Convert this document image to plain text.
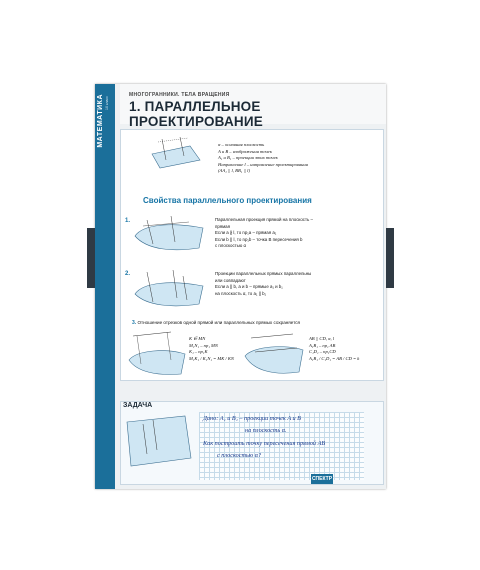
МАТЕМАТИКА 10 класс
МНОГОГРАННИКИ. ТЕЛА ВРАЩЕНИЯ
1. ПАРАЛЛЕЛЬНОЕ ПРОЕКТИРОВАНИЕ
α – основная плоскость
A и B – изображения точек
A₁ и B₁ – проекции этих точек
Направление l – направление проектирования
(AA₁ || l, BB₁ || l)
Свойства параллельного проектирования
1.	Параллельная проекция прямой на плоскость –
прямая
Если a ∦ l, то np₁a – прямая a₁
Если b || l, то np₁b – точка B пересечения b
с плоскостью α
2.	Проекции параллельных прямых параллельны
или совпадают
Если a || b, a и b – прямые a₁ и b₁
на плоскость α, то a₁ || b₁
3. Отношение отрезков одной прямой или параллельных прямых сохраняется
K ∈ MN
M₁N₁ – np₁ MN
K₁ – np₁K
M₁K₁ / K₁N₁ = MK / KN
AB || CD, α, l
A₁B₁ – np₁ AB
C₁D₁ – np₁CD
A₁B₁ / C₁D₁ = AB / CD = k
ЗАДАЧА
Дано: A₁ и B₁ – проекции точек A и B
на плоскость α.
Как построить точку пересечения прямой AB
с плоскостью α?
СПЕКТР
